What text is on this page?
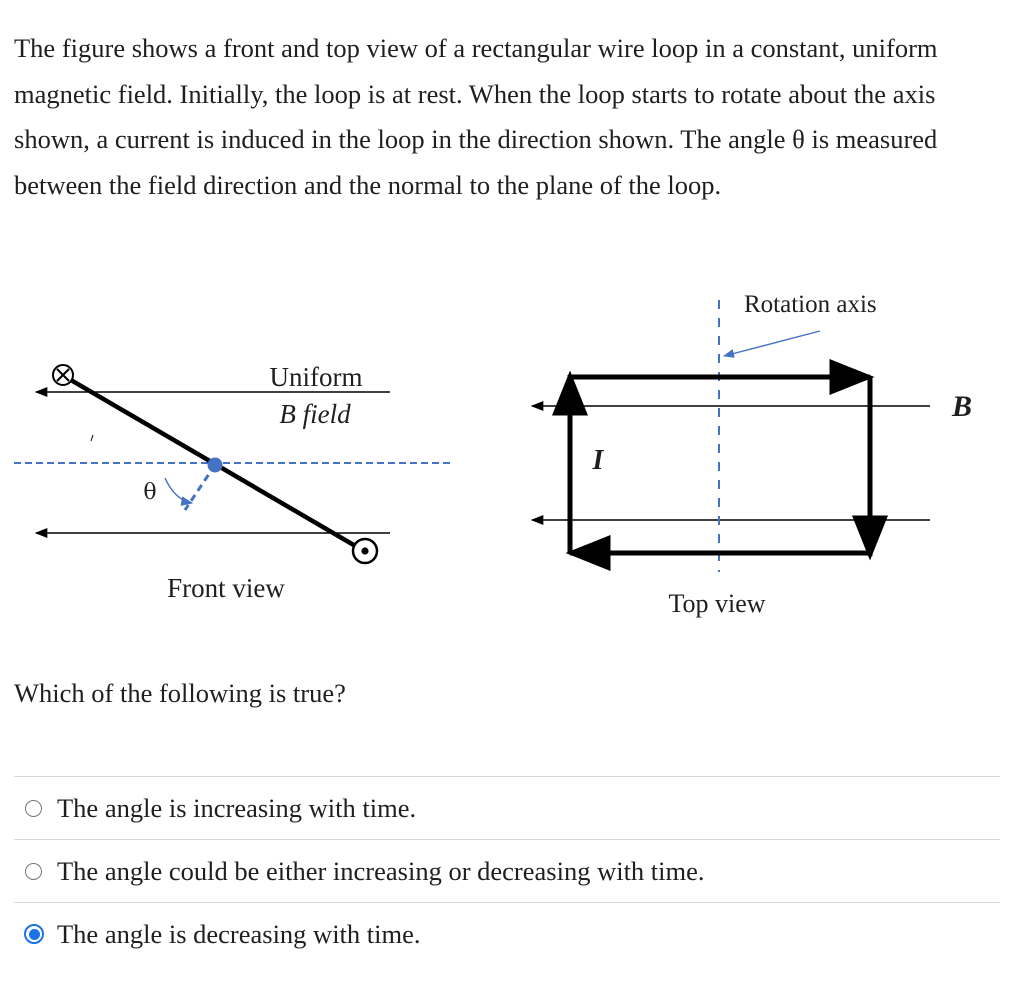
The figure shows a front and top view of a rectangular wire loop in a constant, uniform magnetic field. Initially, the loop is at rest. When the loop starts to rotate about the axis shown, a current is induced in the loop in the direction shown. The angle θ is measured between the field direction and the normal to the plane of the loop.

Uniform
B field
θ
Front view
Rotation axis
I
B
Top view

Which of the following is true?

The angle is increasing with time.
The angle could be either increasing or decreasing with time.
The angle is decreasing with time.
